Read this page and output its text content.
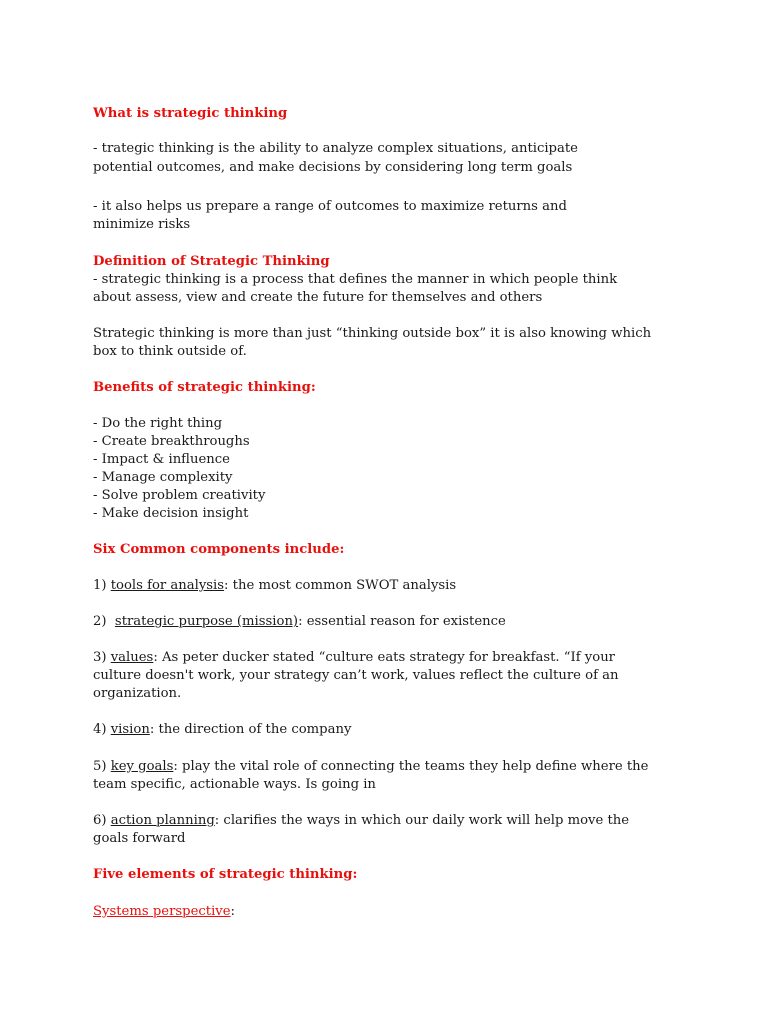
What is strategic thinking
- trategic thinking is the ability to analyze complex situations, anticipate
potential outcomes, and make decisions by considering long term goals
- it also helps us prepare a range of outcomes to maximize returns and
minimize risks
Definition of Strategic Thinking
- strategic thinking is a process that defines the manner in which people think
about assess, view and create the future for themselves and others
Strategic thinking is more than just “thinking outside box” it is also knowing which
box to think outside of.
Benefits of strategic thinking:
- Do the right thing
- Create breakthroughs
- Impact & influence
- Manage complexity
- Solve problem creativity
- Make decision insight
Six Common components include:
1) tools for analysis: the most common SWOT analysis
2)  strategic purpose (mission): essential reason for existence
3) values: As peter ducker stated “culture eats strategy for breakfast. “If your
culture doesn't work, your strategy can’t work, values reflect the culture of an
organization.
4) vision: the direction of the company
5) key goals: play the vital role of connecting the teams they help define where the
team specific, actionable ways. Is going in
6) action planning: clarifies the ways in which our daily work will help move the
goals forward
Five elements of strategic thinking:
Systems perspective:
